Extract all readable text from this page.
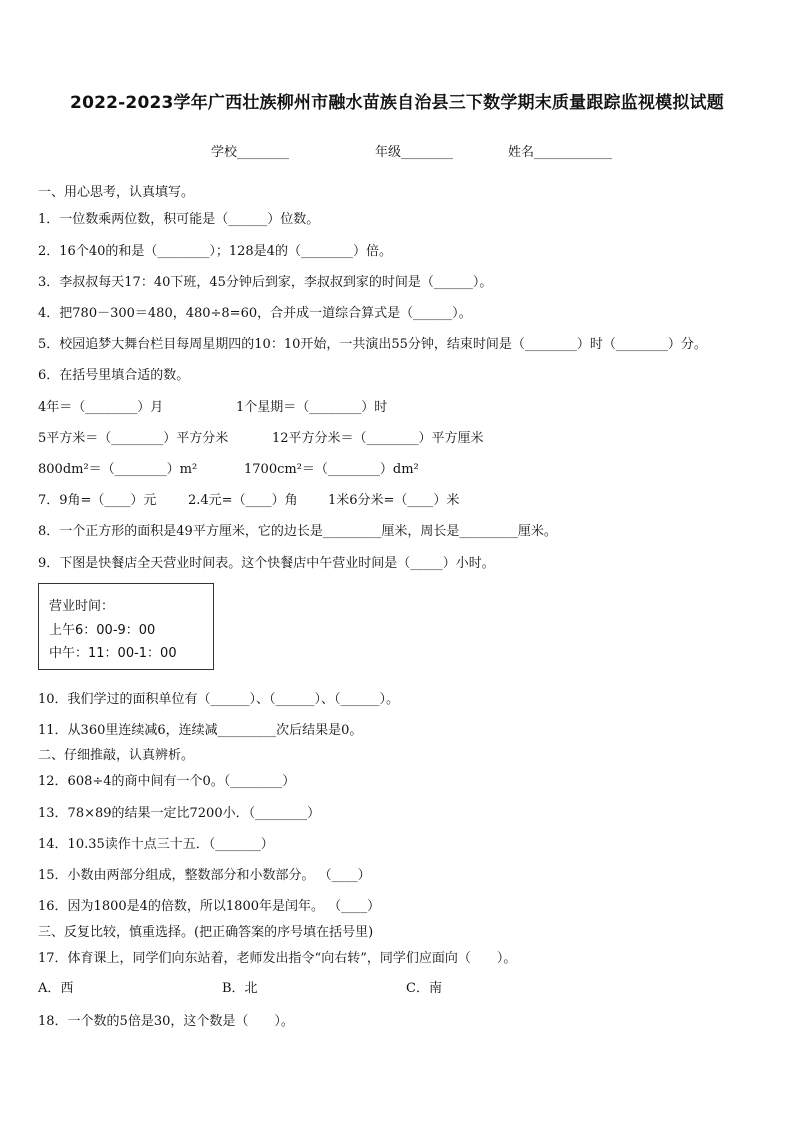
2022-2023学年广西壮族柳州市融水苗族自治县三下数学期末质量跟踪监视模拟试题
学校________	年级________	姓名____________
一、用心思考，认真填写。
1．一位数乘两位数，积可能是（______）位数。
2．16个40的和是（________）；128是4的（________）倍。
3．李叔叔每天17：40下班，45分钟后到家，李叔叔到家的时间是（______）。
4．把780－300＝480，480÷8=60，合并成一道综合算式是（______）。
5．校园追梦大舞台栏目每周星期四的10：10开始，一共演出55分钟，结束时间是（________）时（________）分。
6．在括号里填合适的数。
4年＝（________）月	1个星期＝（________）时
5平方米＝（________）平方分米	12平方分米＝（________）平方厘米
800dm²＝（________）m²	1700cm²＝（________）dm²
7．9角=（____）元 2.4元=（____）角 1米6分米=（____）米
8．一个正方形的面积是49平方厘米，它的边长是_________厘米，周长是_________厘米。
9．下图是快餐店全天营业时间表。这个快餐店中午营业时间是（_____）小时。
营业时间：
上午6：00-9：00
中午：11：00-1：00
10．我们学过的面积单位有（______）、（______）、（______）。
11．从360里连续减6，连续减_________次后结果是0。
二、仔细推敲，认真辨析。
12．608÷4的商中间有一个0。（________）
13．78×89的结果一定比7200小．（________）
14．10.35读作十点三十五．（_______）
15．小数由两部分组成，整数部分和小数部分。 （____）
16．因为1800是4的倍数，所以1800年是闰年。 （____）
三、反复比较，慎重选择。(把正确答案的序号填在括号里)
17．体育课上，同学们向东站着，老师发出指令“向右转”，同学们应面向（　　）。
A．西	B．北	C．南
18．一个数的5倍是30，这个数是（　　）。
